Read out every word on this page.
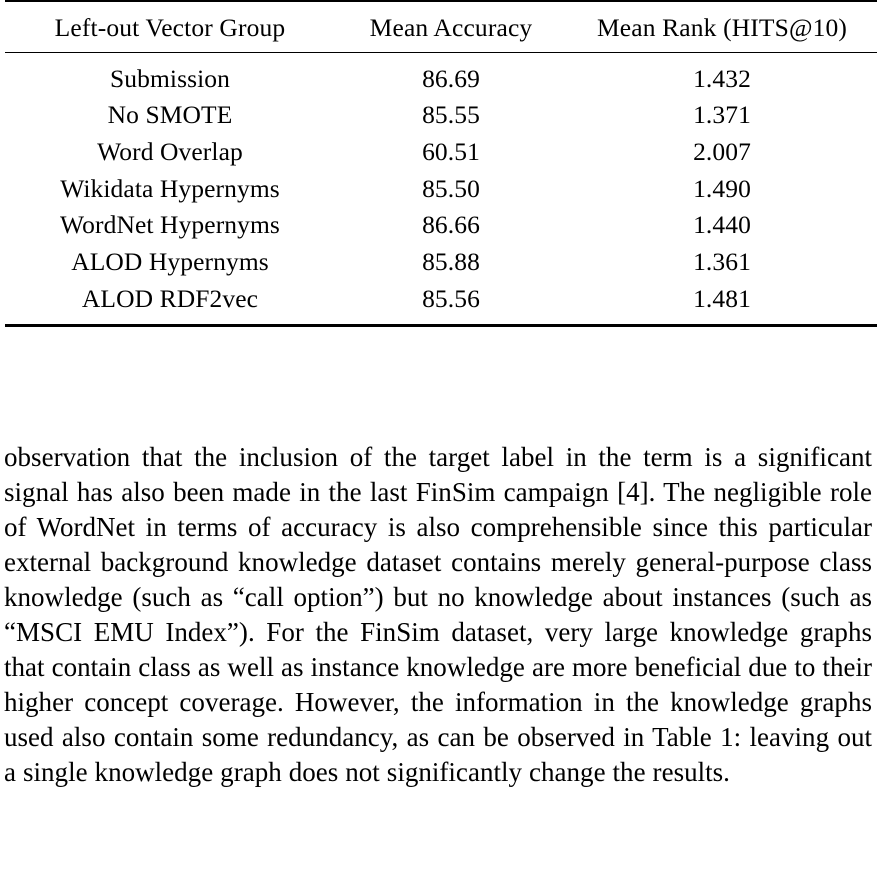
Left-out Vector Group	Mean Accuracy	Mean Rank (HITS@10)
Submission	86.69	1.432
No SMOTE	85.55	1.371
Word Overlap	60.51	2.007
Wikidata Hypernyms	85.50	1.490
WordNet Hypernyms	86.66	1.440
ALOD Hypernyms	85.88	1.361
ALOD RDF2vec	85.56	1.481

observation that the inclusion of the target label in the term is a significant signal has also been made in the last FinSim campaign [4]. The negligible role of WordNet in terms of accuracy is also comprehensible since this particular external background knowledge dataset contains merely general-purpose class knowledge (such as “call option”) but no knowledge about instances (such as “MSCI EMU Index”). For the FinSim dataset, very large knowledge graphs that contain class as well as instance knowledge are more beneficial due to their higher concept coverage. However, the information in the knowledge graphs used also contain some redundancy, as can be observed in Table 1: leaving out a single knowledge graph does not significantly change the results.
